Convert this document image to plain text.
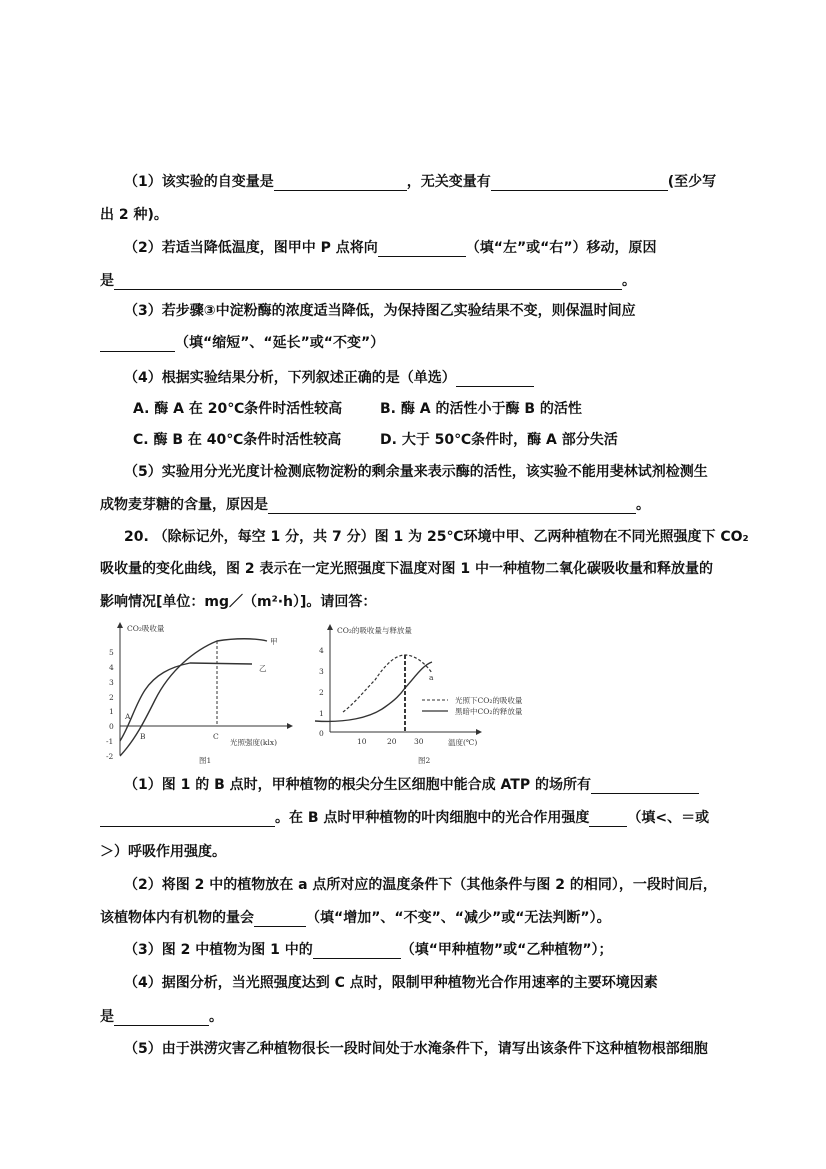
（1）该实验的自变量是	，无关变量有	(至少写
出 2 种)。
（2）若适当降低温度，图甲中 P 点将向	（填“左”或“右”）移动，原因
是	。
（3）若步骤③中淀粉酶的浓度适当降低，为保持图乙实验结果不变，则保温时间应
（填“缩短”、“延长”或“不变”）
（4）根据实验结果分析，下列叙述正确的是（单选）
A. 酶 A 在 20℃条件时活性较高	B. 酶 A 的活性小于酶 B 的活性
C. 酶 B 在 40℃条件时活性较高	D. 大于 50℃条件时，酶 A 部分失活
（5）实验用分光光度计检测底物淀粉的剩余量来表示酶的活性，该实验不能用斐林试剂检测生
成物麦芽糖的含量，原因是	。
20. （除标记外，每空 1 分，共 7 分）图 1 为 25℃环境中甲、乙两种植物在不同光照强度下 CO₂
吸收量的变化曲线，图 2 表示在一定光照强度下温度对图 1 中一种植物二氧化碳吸收量和释放量的
影响情况[单位：mg／（m²·h）]。请回答：
CO₂吸收量
5
4
3
2
1
0
-1
-2
甲
乙
A
B	C
光照强度(klx)
图1
CO₂的吸收量与释放量
4
3
2
1
0
10	20 30
a
光照下CO₂的吸收量
黑暗中CO₂的释放量
温度(℃)
图2
（1）图 1 的 B 点时，甲种植物的根尖分生区细胞中能合成 ATP 的场所有
。在 B 点时甲种植物的叶肉细胞中的光合作用强度	（填<、＝或
＞）呼吸作用强度。
（2）将图 2 中的植物放在 a 点所对应的温度条件下（其他条件与图 2 的相同），一段时间后，
该植物体内有机物的量会	（填“增加”、“不变”、“减少”或“无法判断”）。
（3）图 2 中植物为图 1 中的	（填“甲种植物”或“乙种植物”）；
（4）据图分析，当光照强度达到 C 点时，限制甲种植物光合作用速率的主要环境因素
是	。
（5）由于洪涝灾害乙种植物很长一段时间处于水淹条件下，请写出该条件下这种植物根部细胞
